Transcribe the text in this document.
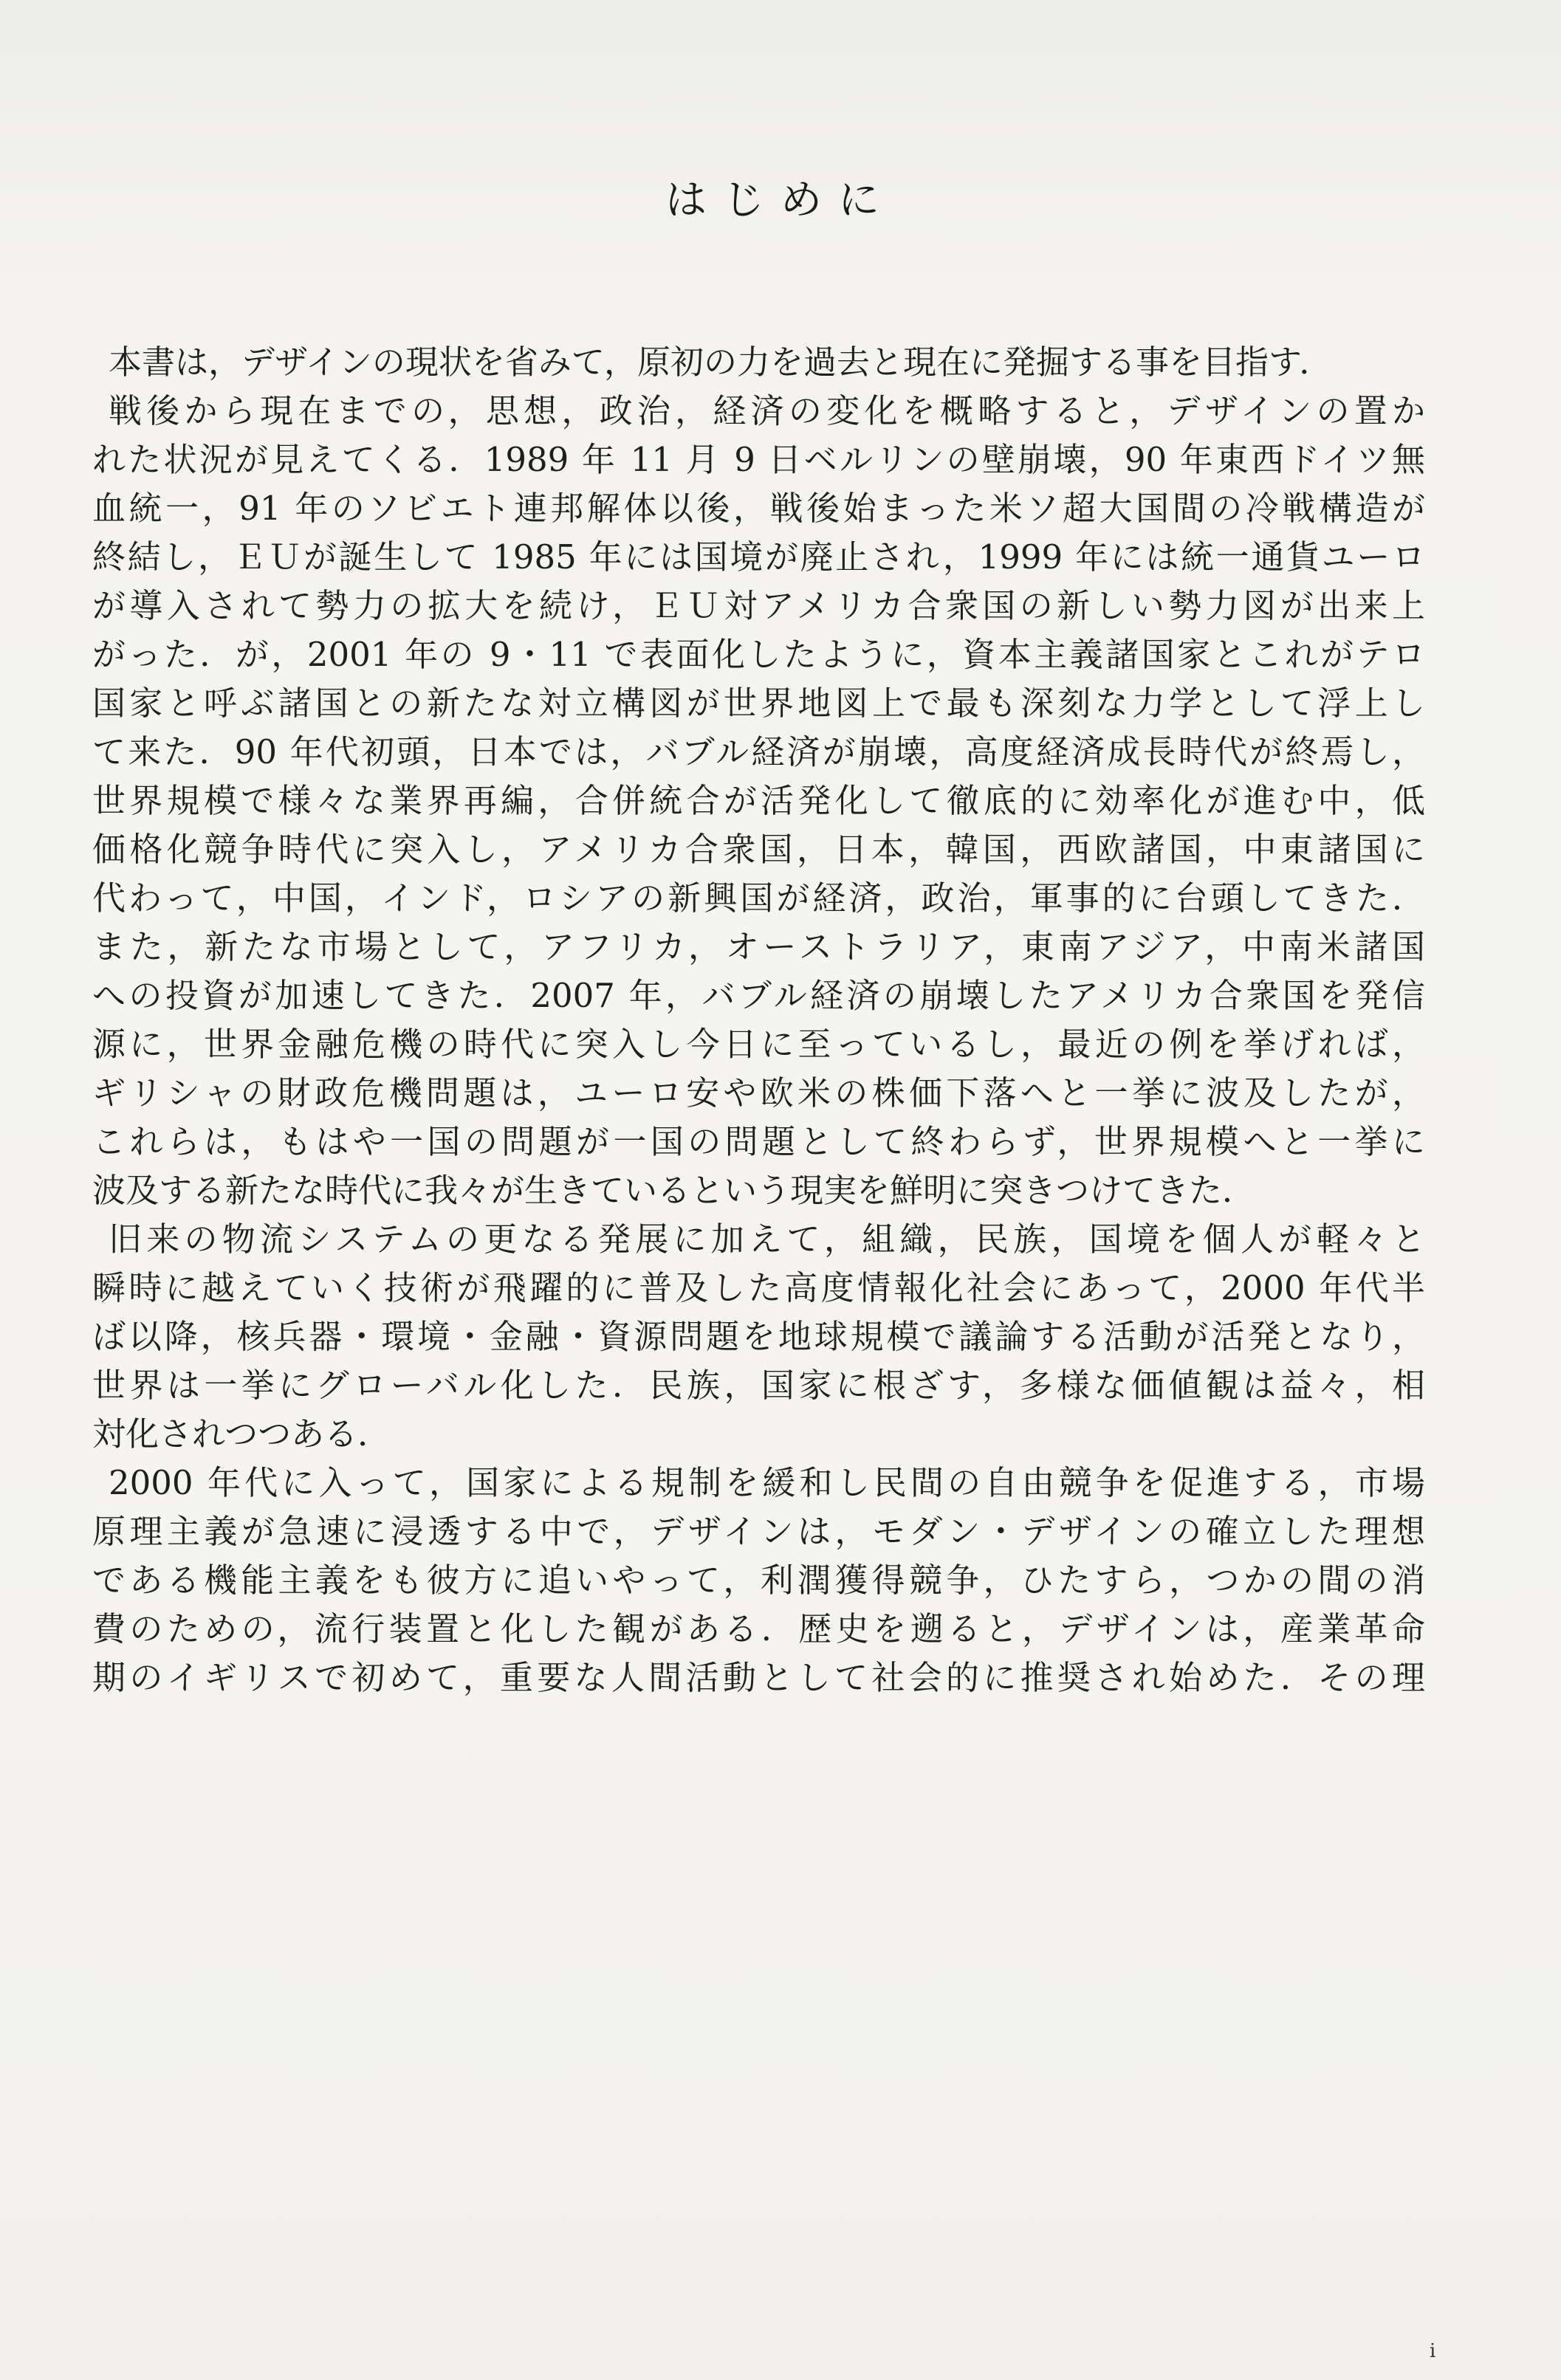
はじめに
本書は，デザインの現状を省みて，原初の力を過去と現在に発掘する事を目指す．
戦後から現在までの，思想，政治，経済の変化を概略すると，デザインの置か
れた状況が見えてくる．1989 年 11 月 9 日ベルリンの壁崩壊，90 年東西ドイツ無
血統一，91 年のソビエト連邦解体以後，戦後始まった米ソ超大国間の冷戦構造が
終結し，ＥＵが誕生して 1985 年には国境が廃止され，1999 年には統一通貨ユーロ
が導入されて勢力の拡大を続け，ＥＵ対アメリカ合衆国の新しい勢力図が出来上
がった．が，2001 年の 9・11 で表面化したように，資本主義諸国家とこれがテロ
国家と呼ぶ諸国との新たな対立構図が世界地図上で最も深刻な力学として浮上し
て来た．90 年代初頭，日本では，バブル経済が崩壊，高度経済成長時代が終焉し，
世界規模で様々な業界再編，合併統合が活発化して徹底的に効率化が進む中，低
価格化競争時代に突入し，アメリカ合衆国，日本，韓国，西欧諸国，中東諸国に
代わって，中国，インド，ロシアの新興国が経済，政治，軍事的に台頭してきた．
また，新たな市場として，アフリカ，オーストラリア，東南アジア，中南米諸国
への投資が加速してきた．2007 年，バブル経済の崩壊したアメリカ合衆国を発信
源に，世界金融危機の時代に突入し今日に至っているし，最近の例を挙げれば，
ギリシャの財政危機問題は，ユーロ安や欧米の株価下落へと一挙に波及したが，
これらは，もはや一国の問題が一国の問題として終わらず，世界規模へと一挙に
波及する新たな時代に我々が生きているという現実を鮮明に突きつけてきた．
旧来の物流システムの更なる発展に加えて，組織，民族，国境を個人が軽々と
瞬時に越えていく技術が飛躍的に普及した高度情報化社会にあって，2000 年代半
ば以降，核兵器・環境・金融・資源問題を地球規模で議論する活動が活発となり，
世界は一挙にグローバル化した．民族，国家に根ざす，多様な価値観は益々，相
対化されつつある．
2000 年代に入って，国家による規制を緩和し民間の自由競争を促進する，市場
原理主義が急速に浸透する中で，デザインは，モダン・デザインの確立した理想
である機能主義をも彼方に追いやって，利潤獲得競争，ひたすら，つかの間の消
費のための，流行装置と化した観がある．歴史を遡ると，デザインは，産業革命
期のイギリスで初めて，重要な人間活動として社会的に推奨され始めた．その理
i
